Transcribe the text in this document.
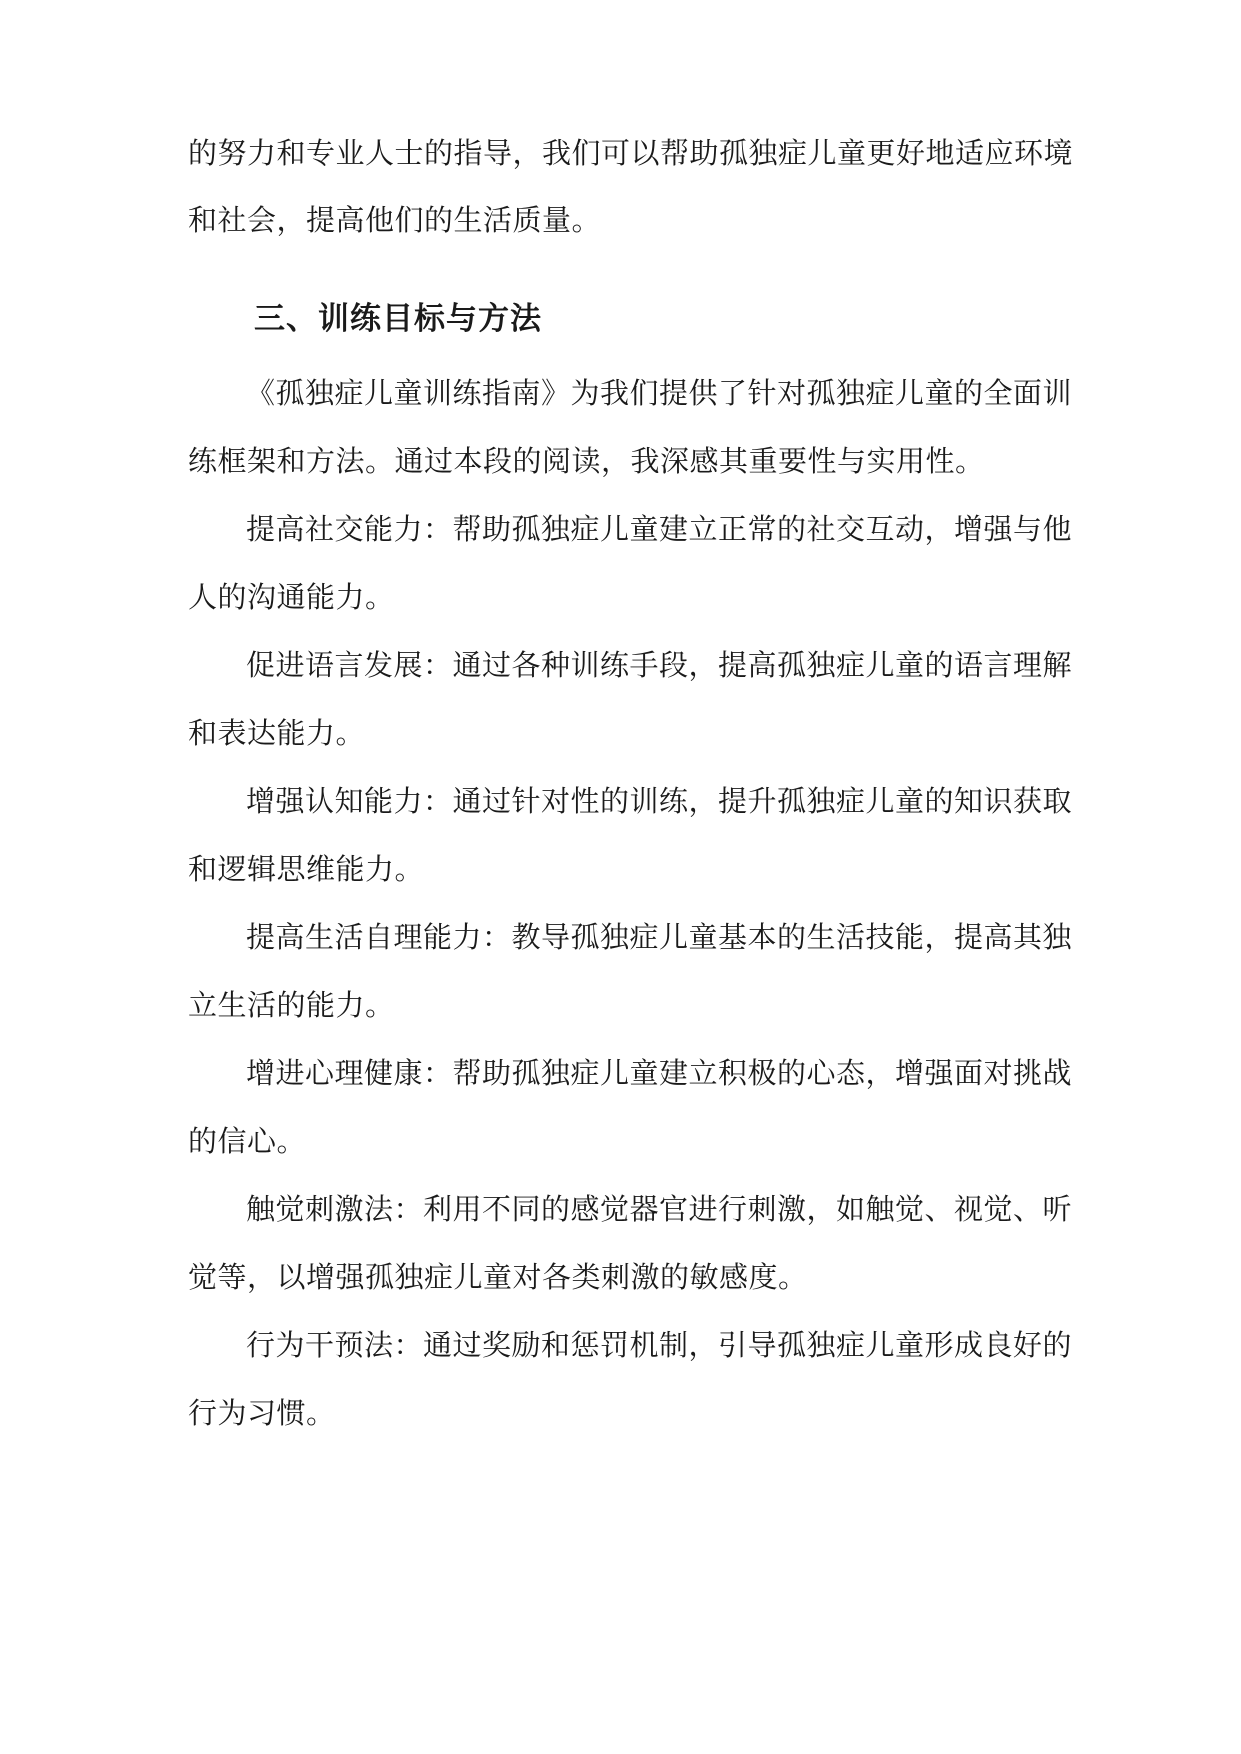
的努力和专业人士的指导，我们可以帮助孤独症儿童更好地适应环境
和社会，提高他们的生活质量。
三、训练目标与方法
《孤独症儿童训练指南》为我们提供了针对孤独症儿童的全面训
练框架和方法。通过本段的阅读，我深感其重要性与实用性。
提高社交能力：帮助孤独症儿童建立正常的社交互动，增强与他
人的沟通能力。
促进语言发展：通过各种训练手段，提高孤独症儿童的语言理解
和表达能力。
增强认知能力：通过针对性的训练，提升孤独症儿童的知识获取
和逻辑思维能力。
提高生活自理能力：教导孤独症儿童基本的生活技能，提高其独
立生活的能力。
增进心理健康：帮助孤独症儿童建立积极的心态，增强面对挑战
的信心。
触觉刺激法：利用不同的感觉器官进行刺激，如触觉、视觉、听
觉等，以增强孤独症儿童对各类刺激的敏感度。
行为干预法：通过奖励和惩罚机制，引导孤独症儿童形成良好的
行为习惯。
